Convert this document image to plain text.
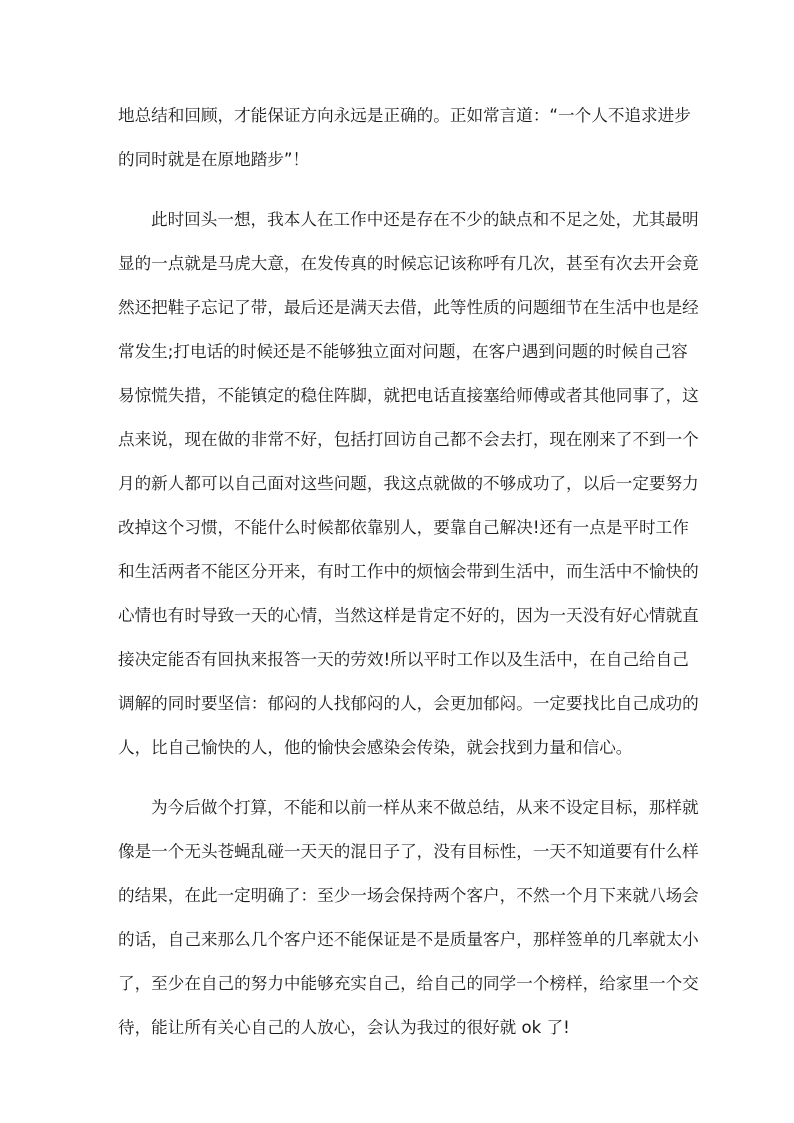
地总结和回顾，才能保证方向永远是正确的。正如常言道：“一个人不追求进步

的同时就是在原地踏步”！

此时回头一想，我本人在工作中还是存在不少的缺点和不足之处，尤其最明

显的一点就是马虎大意，在发传真的时候忘记该称呼有几次，甚至有次去开会竟

然还把鞋子忘记了带，最后还是满天去借，此等性质的问题细节在生活中也是经

常发生;打电话的时候还是不能够独立面对问题，在客户遇到问题的时候自己容

易惊慌失措，不能镇定的稳住阵脚，就把电话直接塞给师傅或者其他同事了，这

点来说，现在做的非常不好，包括打回访自己都不会去打，现在刚来了不到一个

月的新人都可以自己面对这些问题，我这点就做的不够成功了，以后一定要努力

改掉这个习惯，不能什么时候都依靠别人，要靠自己解决!还有一点是平时工作

和生活两者不能区分开来，有时工作中的烦恼会带到生活中，而生活中不愉快的

心情也有时导致一天的心情，当然这样是肯定不好的，因为一天没有好心情就直

接决定能否有回执来报答一天的劳效!所以平时工作以及生活中，在自己给自己

调解的同时要坚信：郁闷的人找郁闷的人，会更加郁闷。一定要找比自己成功的

人，比自己愉快的人，他的愉快会感染会传染，就会找到力量和信心。

为今后做个打算，不能和以前一样从来不做总结，从来不设定目标，那样就

像是一个无头苍蝇乱碰一天天的混日子了，没有目标性，一天不知道要有什么样

的结果，在此一定明确了：至少一场会保持两个客户，不然一个月下来就八场会

的话，自己来那么几个客户还不能保证是不是质量客户，那样签单的几率就太小

了，至少在自己的努力中能够充实自己，给自己的同学一个榜样，给家里一个交

待，能让所有关心自己的人放心，会认为我过的很好就 ok 了!
